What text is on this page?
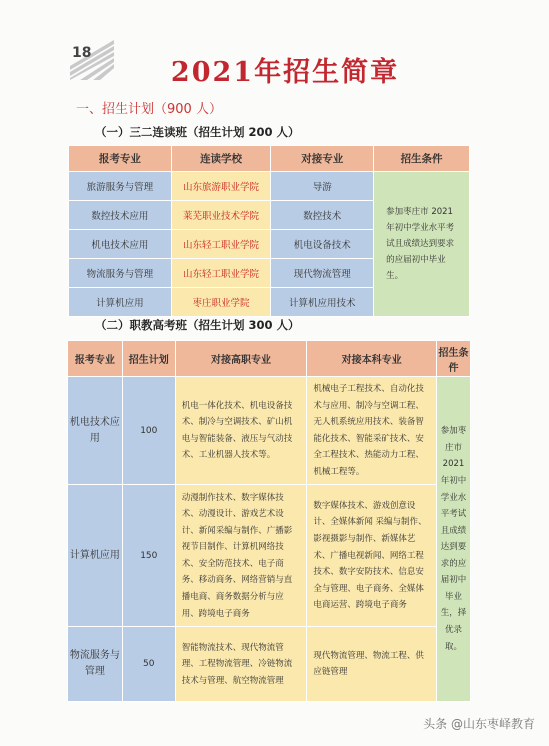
18
2021年招生简章
一、招生计划（900 人）
（一）三二连读班（招生计划 200 人）
报考专业	连读学校	对接专业	招生条件
旅游服务与管理	山东旅游职业学院	导游	参加枣庄市 2021 年初中学业水平考试且成绩达到要求的应届初中毕业生。
数控技术应用	莱芜职业技术学院	数控技术	
机电技术应用	山东轻工职业学院	机电设备技术	
物流服务与管理	山东轻工职业学院	现代物流管理	
计算机应用	枣庄职业学院	计算机应用技术	
（二）职教高考班（招生计划 300 人）
报考专业	招生计划	对接高职专业	对接本科专业	招生条件
机电技术应用	100	机电一体化技术、机电设备技术、制冷与空调技术、矿山机电与智能装备、液压与气动技术、工业机器人技术等。	机械电子工程技术、自动化技术与应用、制冷与空调工程、无人机系统应用技术、装备智能化技术、智能采矿技术、安全工程技术、热能动力工程、机械工程等。	参加枣庄市2021年初中学业水平考试且成绩达到要求的应届初中毕业生，择优录取。
计算机应用	150	动漫制作技术、数字媒体技术、动漫设计、游戏艺术设计、新闻采编与制作、广播影视节目制作、计算机网络技术、安全防范技术、电子商务、移动商务、网络营销与直播电商、商务数据分析与应用、跨境电子商务	数字媒体技术、游戏创意设计、全媒体新闻 采编与制作、影视摄影与制作、新媒体艺术、广播电视新闻、网络工程技术、数字安防技术、信息安全与管理、电子商务、全媒体电商运营、跨境电子商务	
物流服务与管理	50	智能物流技术、现代物流管理、工程物流管理、冷链物流技术与管理、航空物流管理	现代物流管理、物流工程、供应链管理	
头条 @山东枣峄教育
